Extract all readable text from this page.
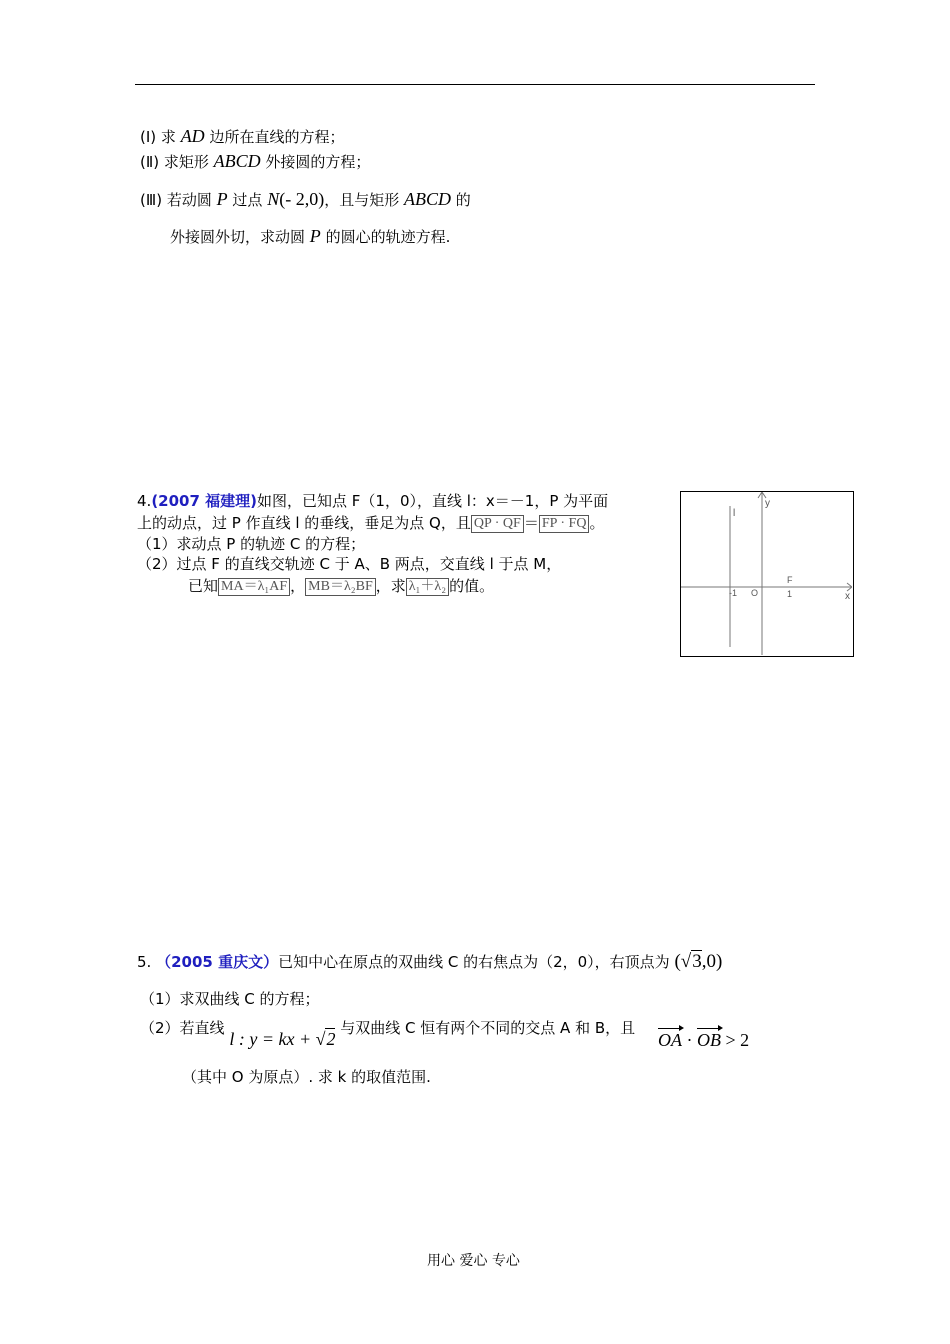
(Ⅰ) 求 AD 边所在直线的方程；
(Ⅱ) 求矩形 ABCD 外接圆的方程；
(Ⅲ) 若动圆 P 过点 N(- 2,0)，且与矩形 ABCD 的
外接圆外切，求动圆 P 的圆心的轨迹方程.
4.(2007 福建理)如图，已知点 F（1，0），直线 l：x＝－1，P 为平面
上的动点，过 P 作直线 l 的垂线，垂足为点 Q，且 QP · QF ＝ FP · FQ 。
（1）求动点 P 的轨迹 C 的方程；
（2）过点 F 的直线交轨迹 C 于 A、B 两点，交直线 l 于点 M，
已知 MA＝λ₁AF ， MB＝λ₂BF ，求 λ₁＋λ₂ 的值。
l
y
x
F
-1 O	1
5. （2005 重庆文）已知中心在原点的双曲线 C 的右焦点为（2，0），右顶点为 (√3,0)
（1）求双曲线 C 的方程；
（2）若直线 l : y = kx + √2 与双曲线 C 恒有两个不同的交点 A 和 B，且
OA · OB > 2
（其中 O 为原点）. 求 k 的取值范围.
用心 爱心 专心
